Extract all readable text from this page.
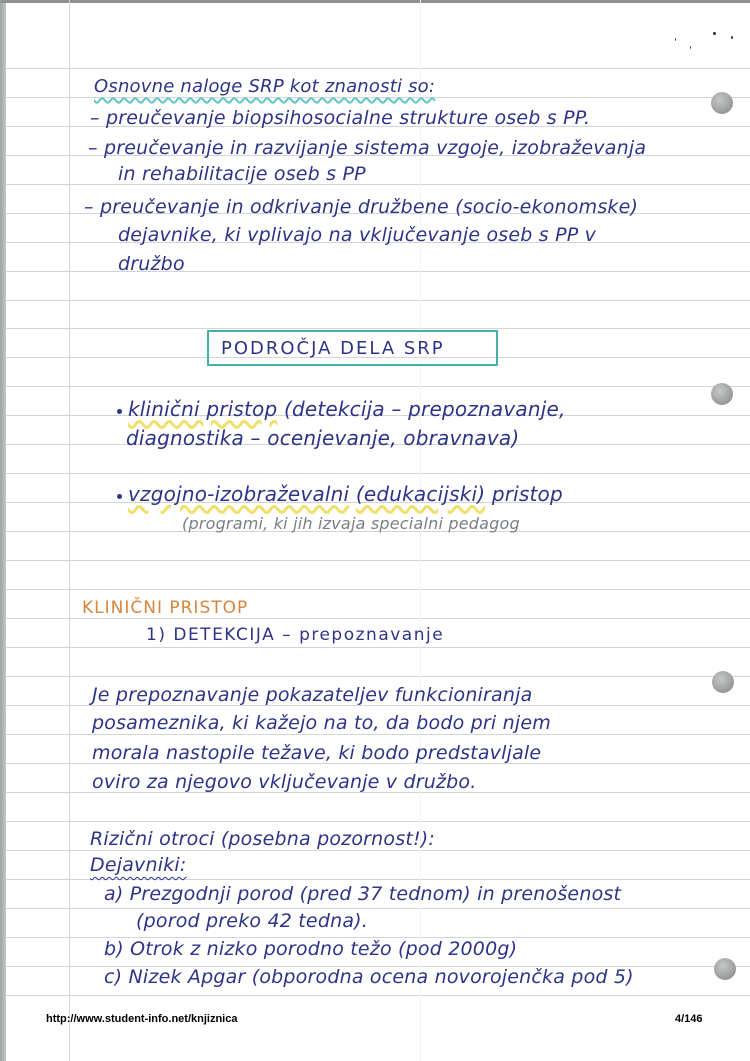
Osnovne naloge SRP kot znanosti so:
– preučevanje biopsihosocialne strukture oseb s PP.
– preučevanje in razvijanje sistema vzgoje, izobraževanja
in rehabilitacije oseb s PP
– preučevanje in odkrivanje družbene (socio-ekonomske)
dejavnike, ki vplivajo na vključevanje oseb s PP v
družbo
PODROČJA DELA SRP
klinični pristop (detekcija – prepoznavanje,
diagnostika – ocenjevanje, obravnava)
vzgojno-izobraževalni (edukacijski) pristop
(programi, ki jih izvaja specialni pedagog
KLINIČNI PRISTOP
1) DETEKCIJA – prepoznavanje
Je prepoznavanje pokazateljev funkcioniranja
posameznika, ki kažejo na to, da bodo pri njem
morala nastopile težave, ki bodo predstavljale
oviro za njegovo vključevanje v družbo.
Rizični otroci (posebna pozornost!):
Dejavniki:
a) Prezgodnji porod (pred 37 tednom) in prenošenost
(porod preko 42 tedna).
b) Otrok z nizko porodno težo (pod 2000g)
c) Nizek Apgar (obporodna ocena novorojenčka pod 5)
http://www.student-info.net/knjiznica	4/146
